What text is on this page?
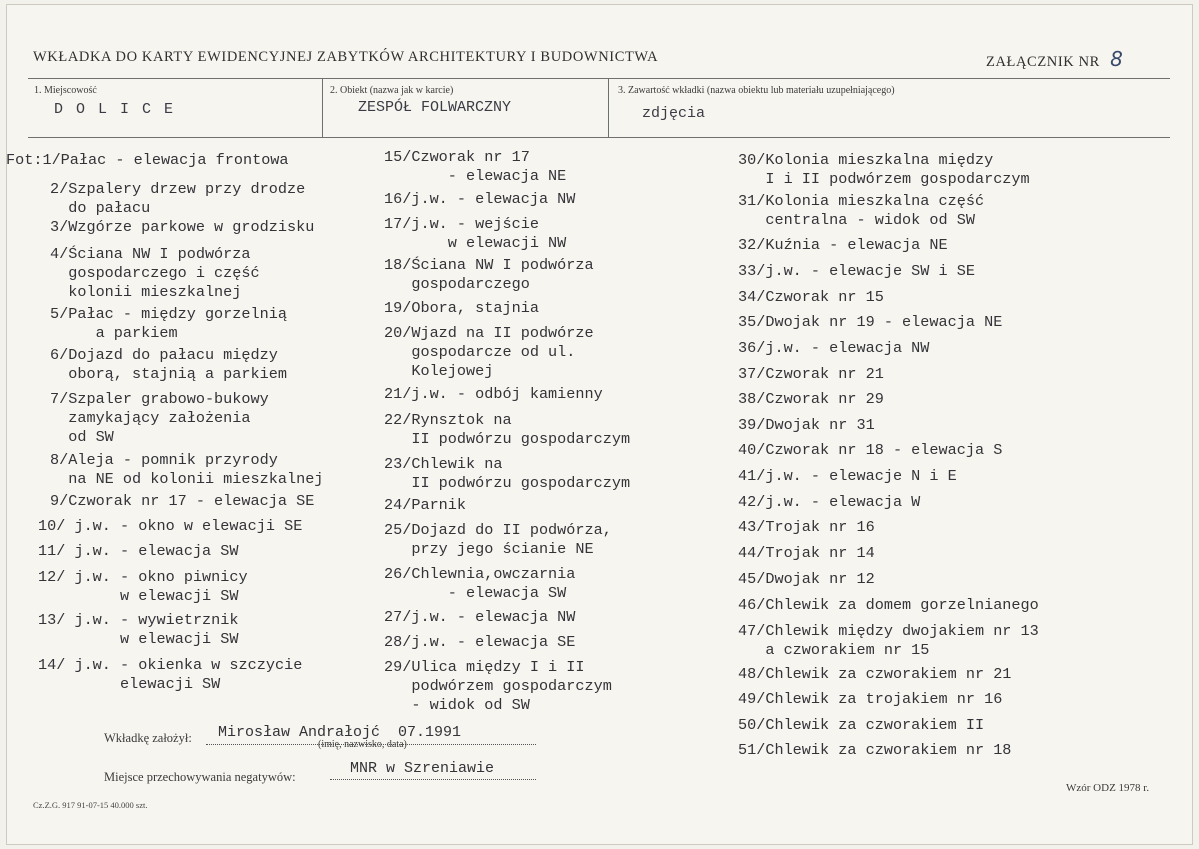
WKŁADKA DO KARTY EWIDENCYJNEJ ZABYTKÓW ARCHITEKTURY I BUDOWNICTWA	ZAŁĄCZNIK NR 8
1. Miejscowość
D O L I C E
2. Obiekt (nazwa jak w karcie)
ZESPÓŁ FOLWARCZNY
3. Zawartość wkładki (nazwa obiektu lub materiału uzupełniającego)
zdjęcia
Fot:1/Pałac - elewacja frontowa
2/Szpalery drzew przy drodze
do pałacu
3/Wzgórze parkowe w grodzisku
4/Ściana NW I podwórza
gospodarczego i część
kolonii mieszkalnej
5/Pałac - między gorzelnią
a parkiem
6/Dojazd do pałacu między
oborą, stajnią a parkiem
7/Szpaler grabowo-bukowy
zamykający założenia
od SW
8/Aleja - pomnik przyrody
na NE od kolonii mieszkalnej
9/Czworak nr 17 - elewacja SE
10/ j.w. - okno w elewacji SE
11/ j.w. - elewacja SW
12/ j.w. - okno piwnicy
w elewacji SW
13/ j.w. - wywietrznik
w elewacji SW
14/ j.w. - okienka w szczycie
elewacji SW
15/Czworak nr 17
- elewacja NE
16/j.w. - elewacja NW
17/j.w. - wejście
w elewacji NW
18/Ściana NW I podwórza
gospodarczego
19/Obora, stajnia
20/Wjazd na II podwórze
gospodarcze od ul.
Kolejowej
21/j.w. - odbój kamienny
22/Rynsztok na
II podwórzu gospodarczym
23/Chlewik na
II podwórzu gospodarczym
24/Parnik
25/Dojazd do II podwórza,
przy jego ścianie NE
26/Chlewnia,owczarnia
- elewacja SW
27/j.w. - elewacja NW
28/j.w. - elewacja SE
29/Ulica między I i II
podwórzem gospodarczym
- widok od SW
30/Kolonia mieszkalna między
I i II podwórzem gospodarczym
31/Kolonia mieszkalna część
centralna - widok od SW
32/Kuźnia - elewacja NE
33/j.w. - elewacje SW i SE
34/Czworak nr 15
35/Dwojak nr 19 - elewacja NE
36/j.w. - elewacja NW
37/Czworak nr 21
38/Czworak nr 29
39/Dwojak nr 31
40/Czworak nr 18 - elewacja S
41/j.w. - elewacje N i E
42/j.w. - elewacja W
43/Trojak nr 16
44/Trojak nr 14
45/Dwojak nr 12
46/Chlewik za domem gorzelnianego
47/Chlewik między dwojakiem nr 13
a czworakiem nr 15
48/Chlewik za czworakiem nr 21
49/Chlewik za trojakiem nr 16
50/Chlewik za czworakiem II
51/Chlewik za czworakiem nr 18
Wkładkę założył: Mirosław Andrałojć  07.1991
(imię, nazwisko, data)
Miejsce przechowywania negatywów:	MNR w Szreniawie
Cz.Z.G. 917 91-07-15 40.000 szt.
Wzór ODZ 1978 r.
